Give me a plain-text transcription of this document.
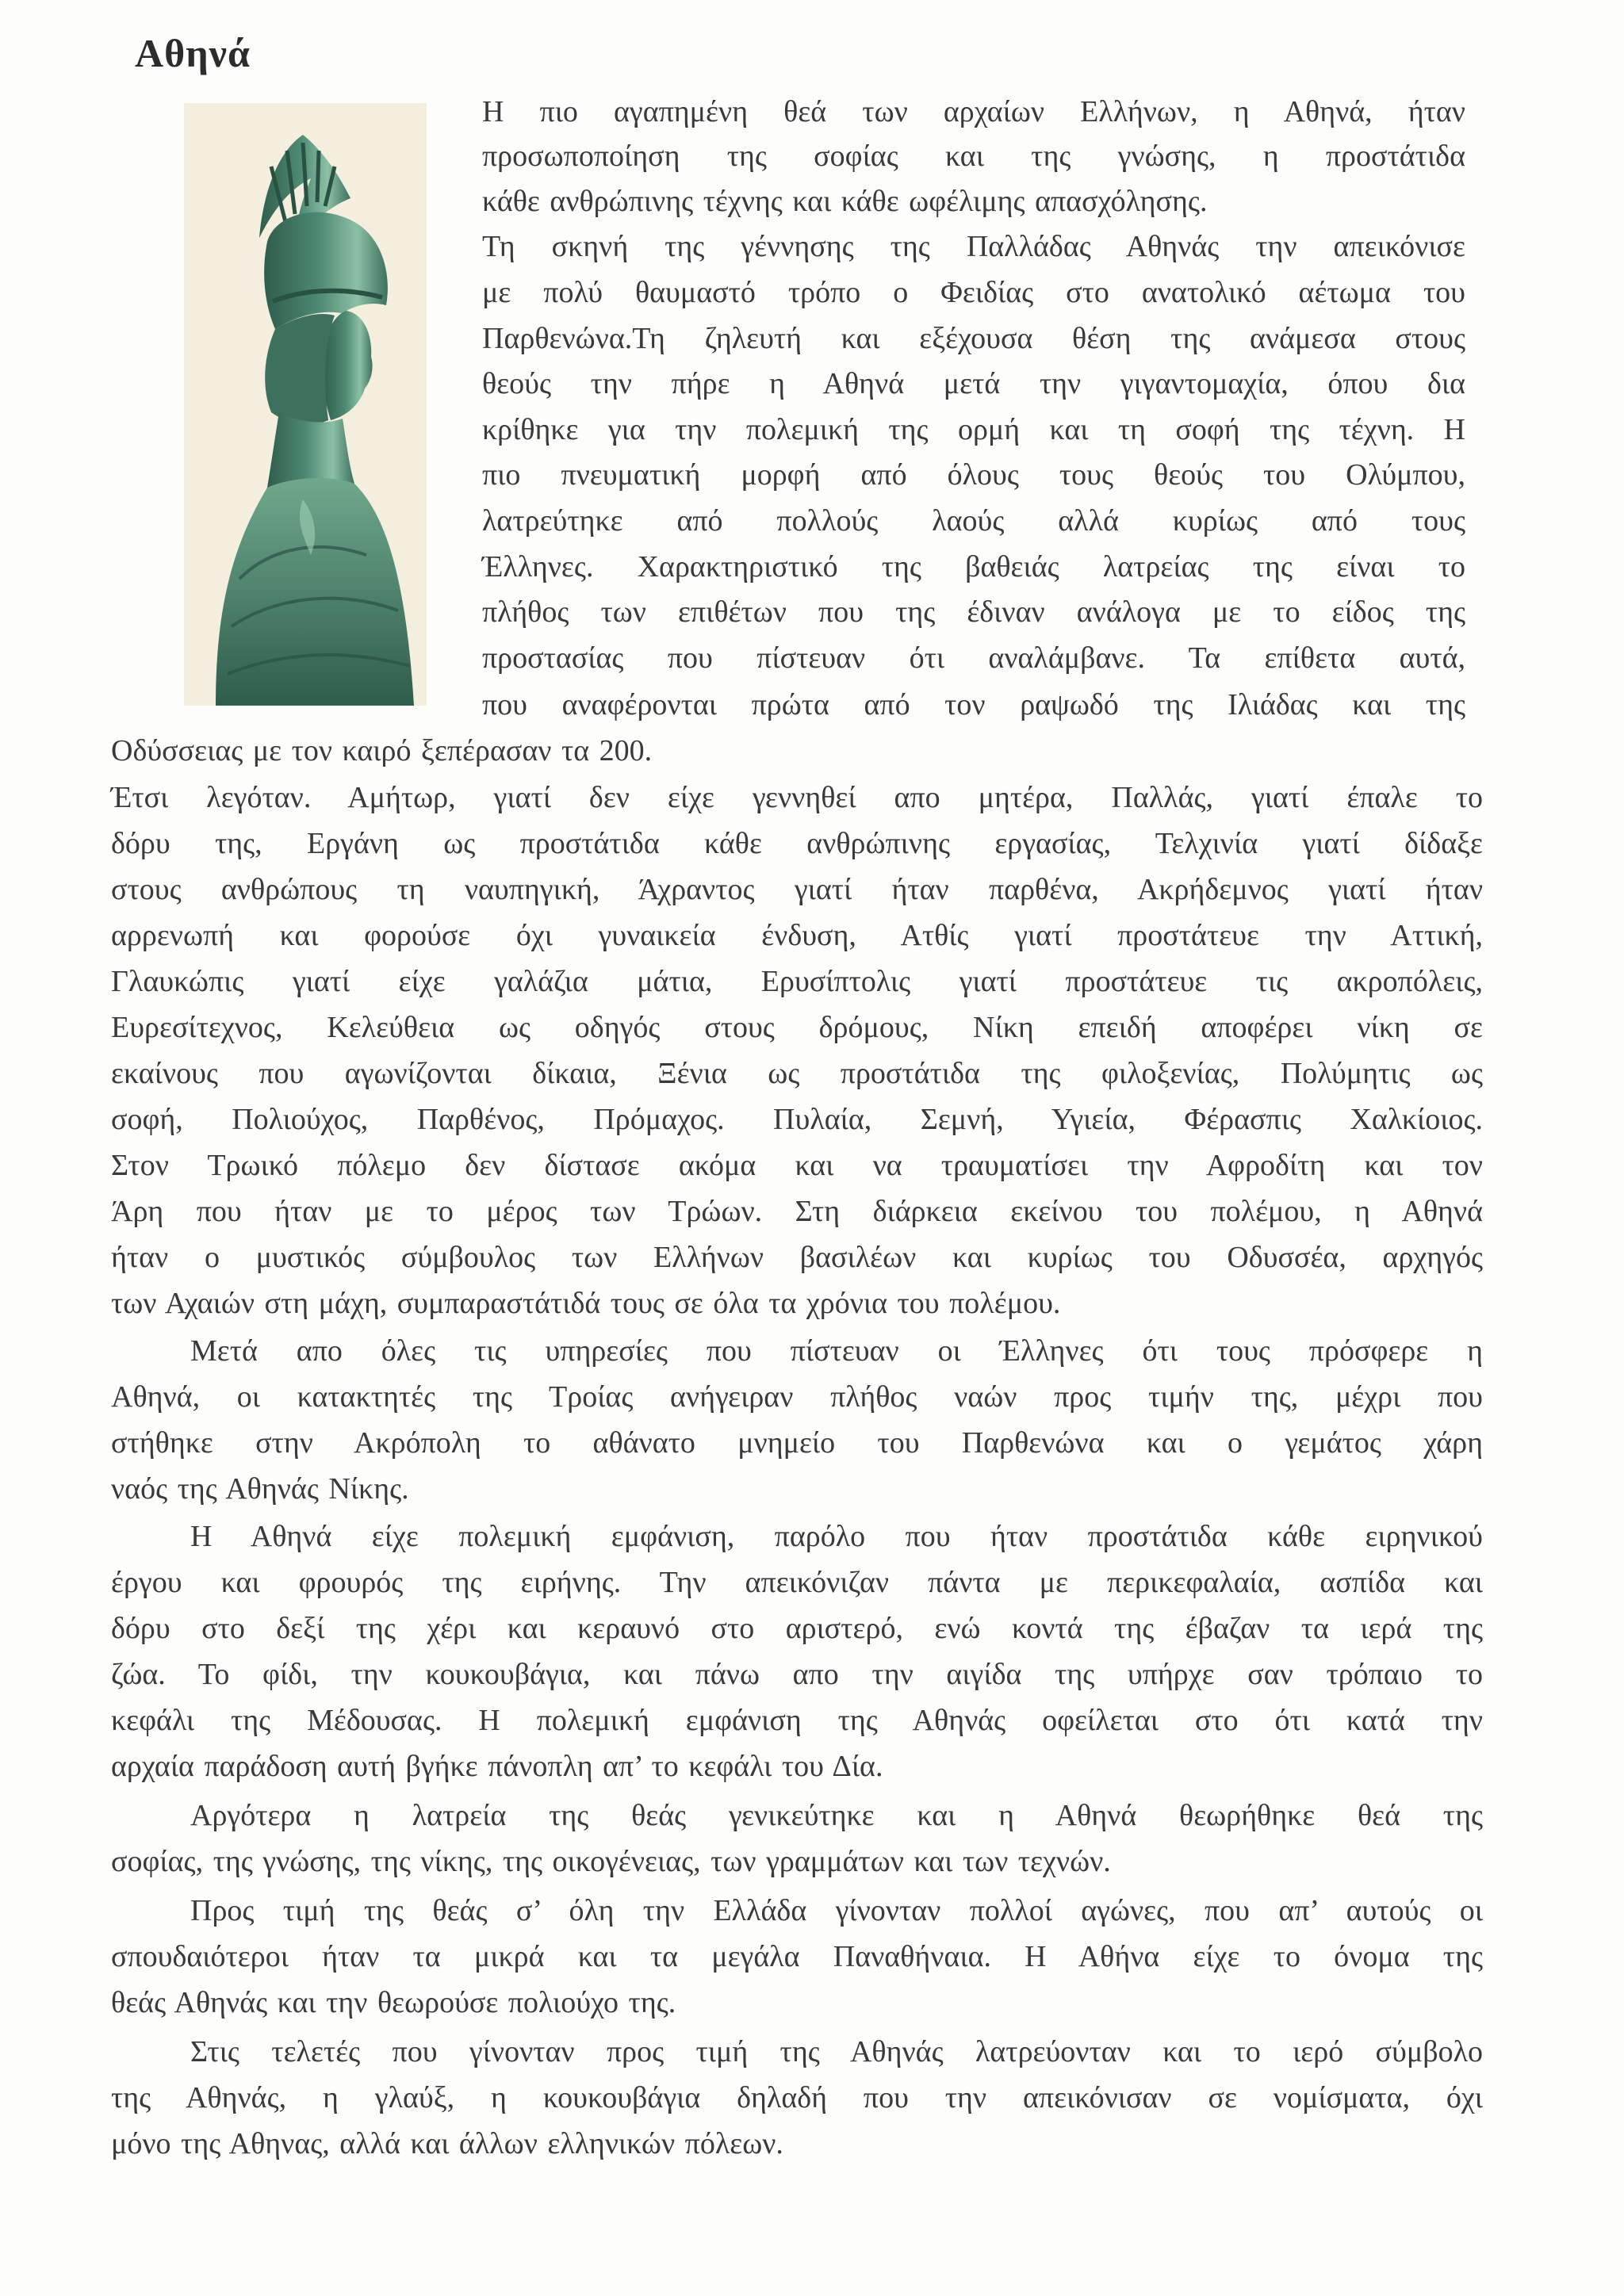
Αθηνά
Η πιο αγαπημένη θεά των αρχαίων Ελλήνων, η Αθηνά, ήταν
προσωποποίηση της σοφίας και της γνώσης, η προστάτιδα
κάθε ανθρώπινης τέχνης και κάθε ωφέλιμης απασχόλησης.
Τη σκηνή της γέννησης της Παλλάδας Αθηνάς την απεικόνισε
με πολύ θαυμαστό τρόπο ο Φειδίας στο ανατολικό αέτωμα του
Παρθενώνα.Τη ζηλευτή και εξέχουσα θέση της ανάμεσα στους
θεούς την πήρε η Αθηνά μετά την γιγαντομαχία, όπου δια
κρίθηκε για την πολεμική της ορμή και τη σοφή της τέχνη. Η
πιο πνευματική μορφή από όλους τους θεούς του Ολύμπου,
λατρεύτηκε από πολλούς λαούς αλλά κυρίως από τους
Έλληνες. Χαρακτηριστικό της βαθειάς λατρείας της είναι το
πλήθος των επιθέτων που της έδιναν ανάλογα με το είδος της
προστασίας που πίστευαν ότι αναλάμβανε. Τα επίθετα αυτά,
που αναφέρονται πρώτα από τον ραψωδό της Ιλιάδας και της
Οδύσσειας με τον καιρό ξεπέρασαν τα 200.
Έτσι λεγόταν. Αμήτωρ, γιατί δεν είχε γεννηθεί απο μητέρα, Παλλάς, γιατί έπαλε το
δόρυ της, Εργάνη ως προστάτιδα κάθε ανθρώπινης εργασίας, Τελχινία γιατί δίδαξε
στους ανθρώπους τη ναυπηγική, Άχραντος γιατί ήταν παρθένα, Ακρήδεμνος γιατί ήταν
αρρενωπή και φορούσε όχι γυναικεία ένδυση, Ατθίς γιατί προστάτευε την Αττική,
Γλαυκώπις γιατί είχε γαλάζια μάτια, Ερυσίπτολις γιατί προστάτευε τις ακροπόλεις,
Ευρεσίτεχνος, Κελεύθεια ως οδηγός στους δρόμους, Νίκη επειδή αποφέρει νίκη σε
εκαίνους που αγωνίζονται δίκαια, Ξένια ως προστάτιδα της φιλοξενίας, Πολύμητις ως
σοφή, Πολιούχος, Παρθένος, Πρόμαχος. Πυλαία, Σεμνή, Υγιεία, Φέρασπις Χαλκίοιος.
Στον Τρωικό πόλεμο δεν δίστασε ακόμα και να τραυματίσει την Αφροδίτη και τον
Άρη που ήταν με το μέρος των Τρώων. Στη διάρκεια εκείνου του πολέμου, η Αθηνά
ήταν ο μυστικός σύμβουλος των Ελλήνων βασιλέων και κυρίως του Οδυσσέα, αρχηγός
των Αχαιών στη μάχη, συμπαραστάτιδά τους σε όλα τα χρόνια του πολέμου.
Μετά απο όλες τις υπηρεσίες που πίστευαν οι Έλληνες ότι τους πρόσφερε η
Αθηνά, οι κατακτητές της Τροίας ανήγειραν πλήθος ναών προς τιμήν της, μέχρι που
στήθηκε στην Ακρόπολη το αθάνατο μνημείο του Παρθενώνα και ο γεμάτος χάρη
ναός της Αθηνάς Νίκης.
Η Αθηνά είχε πολεμική εμφάνιση, παρόλο που ήταν προστάτιδα κάθε ειρηνικού
έργου και φρουρός της ειρήνης. Την απεικόνιζαν πάντα με περικεφαλαία, ασπίδα και
δόρυ στο δεξί της χέρι και κεραυνό στο αριστερό, ενώ κοντά της έβαζαν τα ιερά της
ζώα. Το φίδι, την κουκουβάγια, και πάνω απο την αιγίδα της υπήρχε σαν τρόπαιο το
κεφάλι της Μέδουσας. Η πολεμική εμφάνιση της Αθηνάς οφείλεται στο ότι κατά την
αρχαία παράδοση αυτή βγήκε πάνοπλη απ’ το κεφάλι του Δία.
Αργότερα η λατρεία της θεάς γενικεύτηκε και η Αθηνά θεωρήθηκε θεά της
σοφίας, της γνώσης, της νίκης, της οικογένειας, των γραμμάτων και των τεχνών.
Προς τιμή της θεάς σ’ όλη την Ελλάδα γίνονταν πολλοί αγώνες, που απ’ αυτούς οι
σπουδαιότεροι ήταν τα μικρά και τα μεγάλα Παναθήναια. Η Αθήνα είχε το όνομα της
θεάς Αθηνάς και την θεωρούσε πολιούχο της.
Στις τελετές που γίνονταν προς τιμή της Αθηνάς λατρεύονταν και το ιερό σύμβολο
της Αθηνάς, η γλαύξ, η κουκουβάγια δηλαδή που την απεικόνισαν σε νομίσματα, όχι
μόνο της Αθηνας, αλλά και άλλων ελληνικών πόλεων.
